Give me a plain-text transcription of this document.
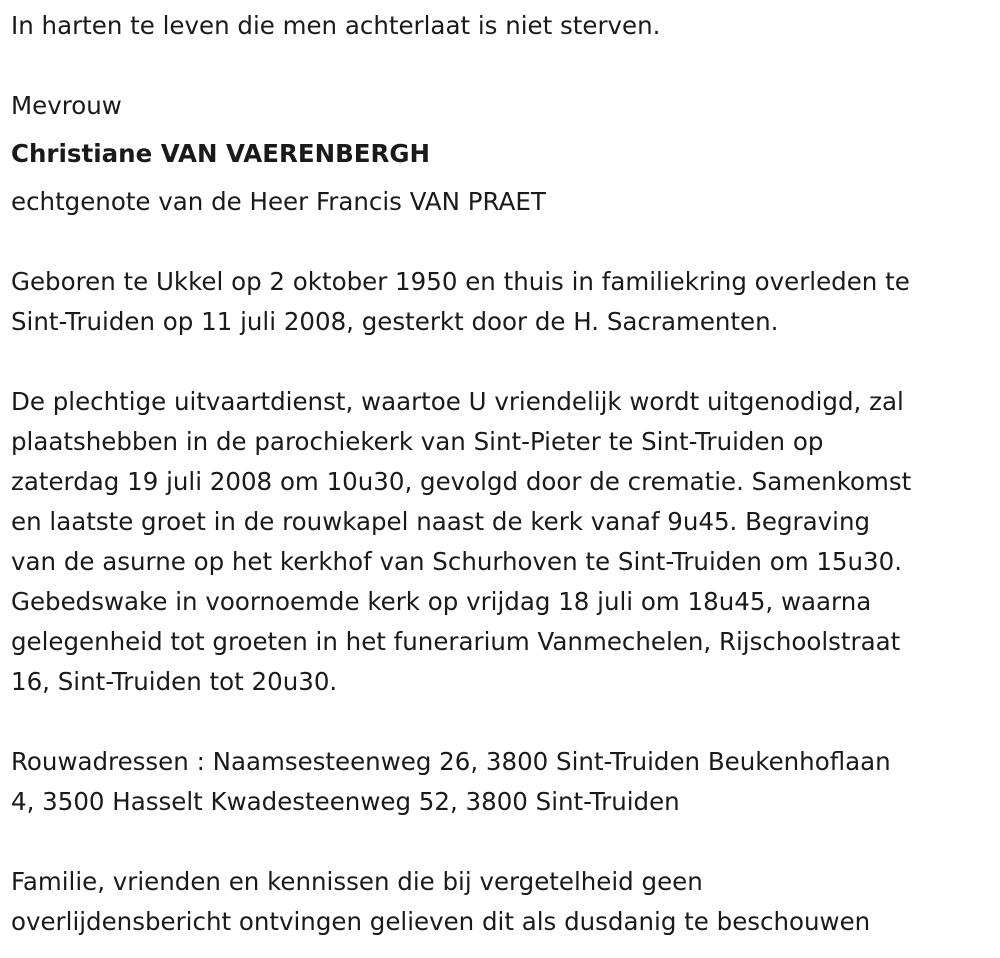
In harten te leven die men achterlaat is niet sterven.
Mevrouw
Christiane VAN VAERENBERGH
echtgenote van de Heer Francis VAN PRAET
Geboren te Ukkel op 2 oktober 1950 en thuis in familiekring overleden te
Sint-Truiden op 11 juli 2008, gesterkt door de H. Sacramenten.
De plechtige uitvaartdienst, waartoe U vriendelijk wordt uitgenodigd, zal
plaatshebben in de parochiekerk van Sint-Pieter te Sint-Truiden op
zaterdag 19 juli 2008 om 10u30, gevolgd door de crematie. Samenkomst
en laatste groet in de rouwkapel naast de kerk vanaf 9u45. Begraving
van de asurne op het kerkhof van Schurhoven te Sint-Truiden om 15u30.
Gebedswake in voornoemde kerk op vrijdag 18 juli om 18u45, waarna
gelegenheid tot groeten in het funerarium Vanmechelen, Rijschoolstraat
16, Sint-Truiden tot 20u30.
Rouwadressen : Naamsesteenweg 26, 3800 Sint-Truiden Beukenhoflaan
4, 3500 Hasselt Kwadesteenweg 52, 3800 Sint-Truiden
Familie, vrienden en kennissen die bij vergetelheid geen
overlijdensbericht ontvingen gelieven dit als dusdanig te beschouwen
